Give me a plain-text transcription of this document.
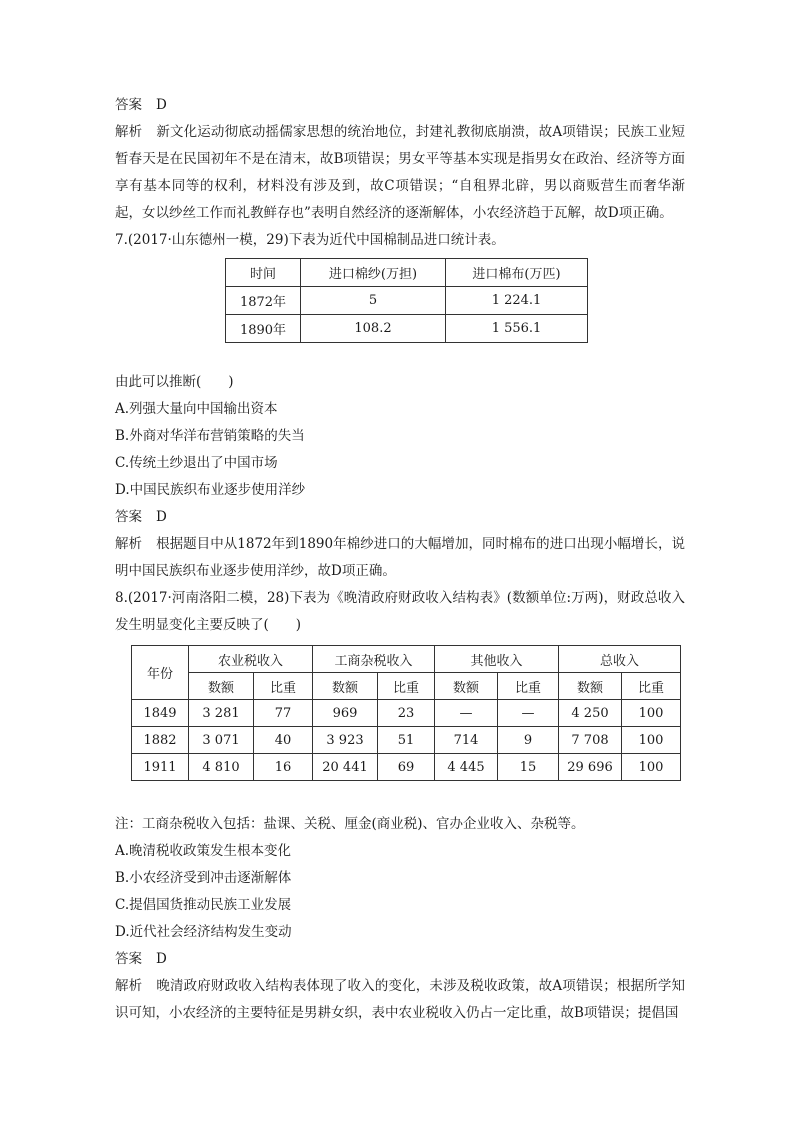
答案 D
解析 新文化运动彻底动摇儒家思想的统治地位，封建礼教彻底崩溃，故A项错误；民族工业短暂春天是在民国初年不是在清末，故B项错误；男女平等基本实现是指男女在政治、经济等方面享有基本同等的权利，材料没有涉及到，故C项错误；“自租界北辟，男以商贩营生而奢华渐起，女以纱丝工作而礼教鲜存也”表明自然经济的逐渐解体，小农经济趋于瓦解，故D项正确。
7.(2017·山东德州一模，29)下表为近代中国棉制品进口统计表。
时间	进口棉纱(万担)	进口棉布(万匹)
1872年	5	1 224.1
1890年	108.2	1 556.1
由此可以推断(　　)
A.列强大量向中国输出资本
B.外商对华洋布营销策略的失当
C.传统土纱退出了中国市场
D.中国民族织布业逐步使用洋纱
答案 D
解析 根据题目中从1872年到1890年棉纱进口的大幅增加，同时棉布的进口出现小幅增长，说明中国民族织布业逐步使用洋纱，故D项正确。
8.(2017·河南洛阳二模，28)下表为《晚清政府财政收入结构表》(数额单位:万两)，财政总收入发生明显变化主要反映了(　　)
年份	农业税收入		工商杂税收入		其他收入		总收入	
	数额	比重	数额	比重	数额	比重	数额	比重
1849	3 281	77	969	23	—	—	4 250	100
1882	3 071	40	3 923	51	714	9	7 708	100
1911	4 810	16	20 441	69	4 445	15	29 696	100
注：工商杂税收入包括：盐课、关税、厘金(商业税)、官办企业收入、杂税等。
A.晚清税收政策发生根本变化
B.小农经济受到冲击逐渐解体
C.提倡国货推动民族工业发展
D.近代社会经济结构发生变动
答案 D
解析 晚清政府财政收入结构表体现了收入的变化，未涉及税收政策，故A项错误；根据所学知识可知，小农经济的主要特征是男耕女织，表中农业税收入仍占一定比重，故B项错误；提倡国
